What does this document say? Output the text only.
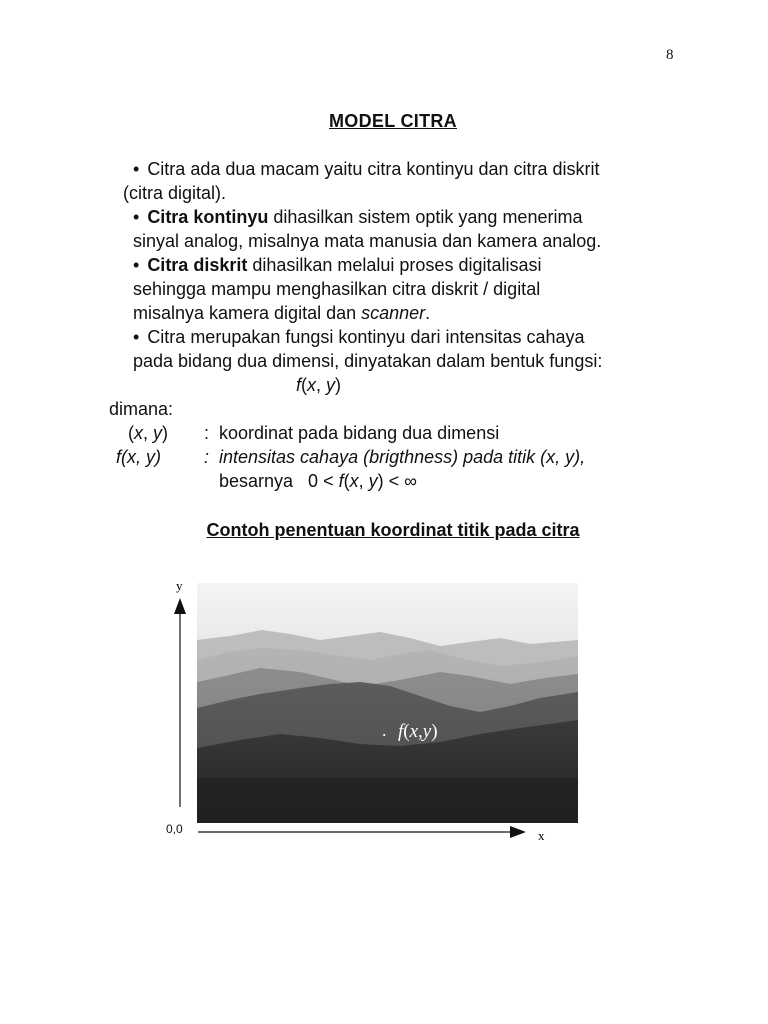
8
MODEL CITRA
• Citra ada dua macam yaitu citra kontinyu dan citra diskrit
(citra digital).
• Citra kontinyu dihasilkan sistem optik yang menerima
sinyal analog, misalnya mata manusia dan kamera analog.
• Citra diskrit dihasilkan melalui proses digitalisasi
sehingga mampu menghasilkan citra diskrit / digital
misalnya kamera digital dan scanner.
• Citra merupakan fungsi kontinyu dari intensitas cahaya
pada bidang dua dimensi, dinyatakan dalam bentuk fungsi:
f(x, y)
dimana:
(x, y) : koordinat pada bidang dua dimensi
f(x, y) : intensitas cahaya (brigthness) pada titik (x, y),
besarnya   0 < f(x, y) < ∞
Contoh penentuan koordinat titik pada citra
y
x
. f(x,y)
0,0
